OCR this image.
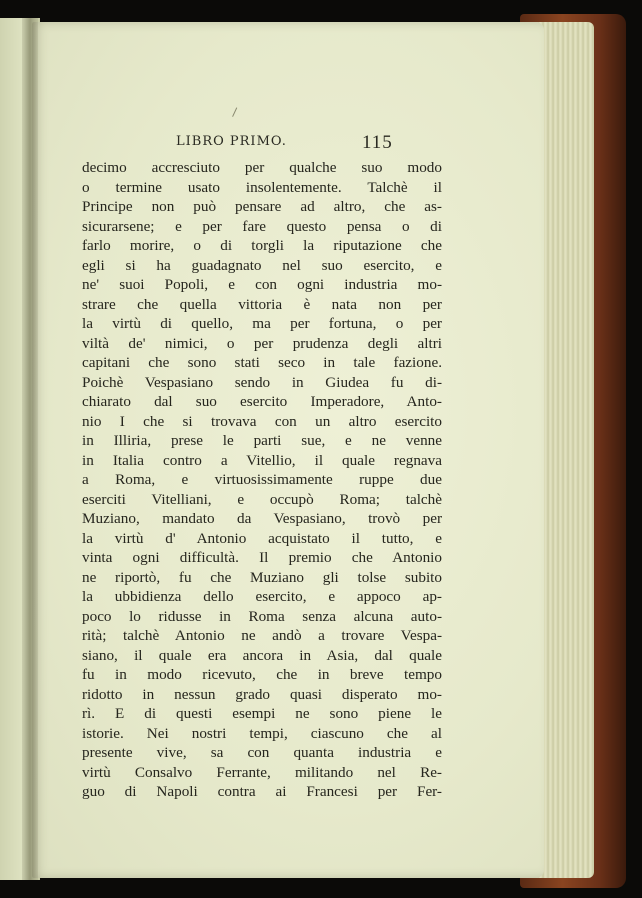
LIBRO PRIMO.	115
decimo accresciuto per qualche suo modo
o termine usato insolentemente. Talchè il
Principe non può pensare ad altro, che as-
sicurarsene; e per fare questo pensa o di
farlo morire, o di torgli la riputazione che
egli si ha guadagnato nel suo esercito, e
ne' suoi Popoli, e con ogni industria mo-
strare che quella vittoria è nata non per
la virtù di quello, ma per fortuna, o per
viltà de' nimici, o per prudenza degli altri
capitani che sono stati seco in tale fazione.
Poichè Vespasiano sendo in Giudea fu di-
chiarato dal suo esercito Imperadore, Anto-
nio I che si trovava con un altro esercito
in Illiria, prese le parti sue, e ne venne
in Italia contro a Vitellio, il quale regnava
a Roma, e virtuosissimamente ruppe due
eserciti Vitelliani, e occupò Roma; talchè
Muziano, mandato da Vespasiano, trovò per
la virtù d' Antonio acquistato il tutto, e
vinta ogni difficultà. Il premio che Antonio
ne riportò, fu che Muziano gli tolse subito
la ubbidienza dello esercito, e appoco ap-
poco lo ridusse in Roma senza alcuna auto-
rità; talchè Antonio ne andò a trovare Vespa-
siano, il quale era ancora in Asia, dal quale
fu in modo ricevuto, che in breve tempo
ridotto in nessun grado quasi disperato mo-
rì. E di questi esempi ne sono piene le
istorie. Nei nostri tempi, ciascuno che al
presente vive, sa con quanta industria e
virtù Consalvo Ferrante, militando nel Re-
guo di Napoli contra ai Francesi per Fer-
